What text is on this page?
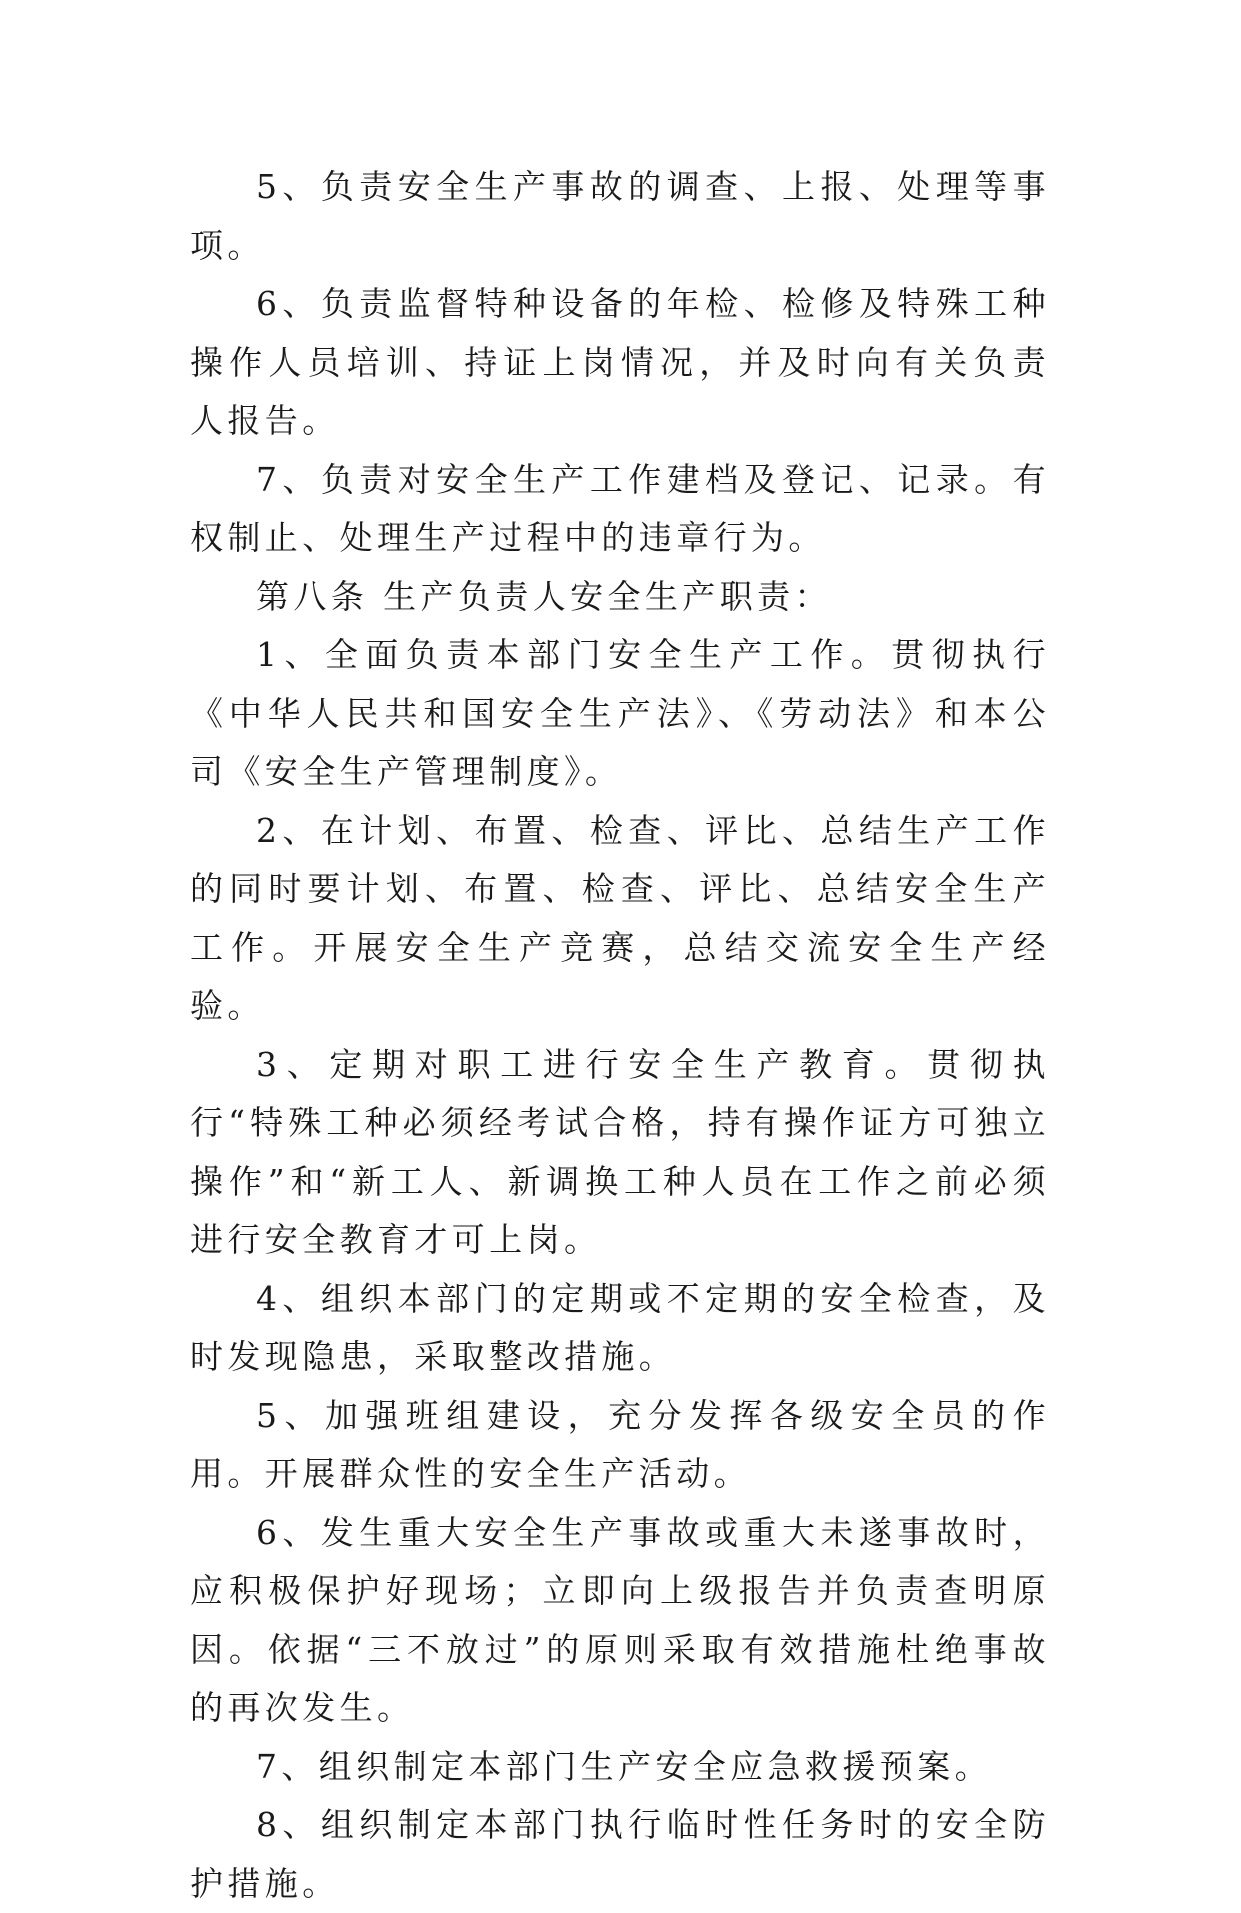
5、负责安全生产事故的调查、上报、处理等事项。

6、负责监督特种设备的年检、检修及特殊工种操作人员培训、持证上岗情况，并及时向有关负责人报告。

7、负责对安全生产工作建档及登记、记录。有权制止、处理生产过程中的违章行为。

第八条 生产负责人安全生产职责：

1、全面负责本部门安全生产工作。贯彻执行《中华人民共和国安全生产法》、《劳动法》和本公司《安全生产管理制度》。

2、在计划、布置、检查、评比、总结生产工作的同时要计划、布置、检查、评比、总结安全生产工作。开展安全生产竞赛，总结交流安全生产经验。

3、定期对职工进行安全生产教育。贯彻执行“特殊工种必须经考试合格，持有操作证方可独立操作”和“新工人、新调换工种人员在工作之前必须进行安全教育才可上岗。

4、组织本部门的定期或不定期的安全检查，及时发现隐患，采取整改措施。

5、加强班组建设，充分发挥各级安全员的作用。开展群众性的安全生产活动。

6、发生重大安全生产事故或重大未遂事故时，应积极保护好现场；立即向上级报告并负责查明原因。依据“三不放过”的原则采取有效措施杜绝事故的再次发生。

7、组织制定本部门生产安全应急救援预案。

8、组织制定本部门执行临时性任务时的安全防护措施。
